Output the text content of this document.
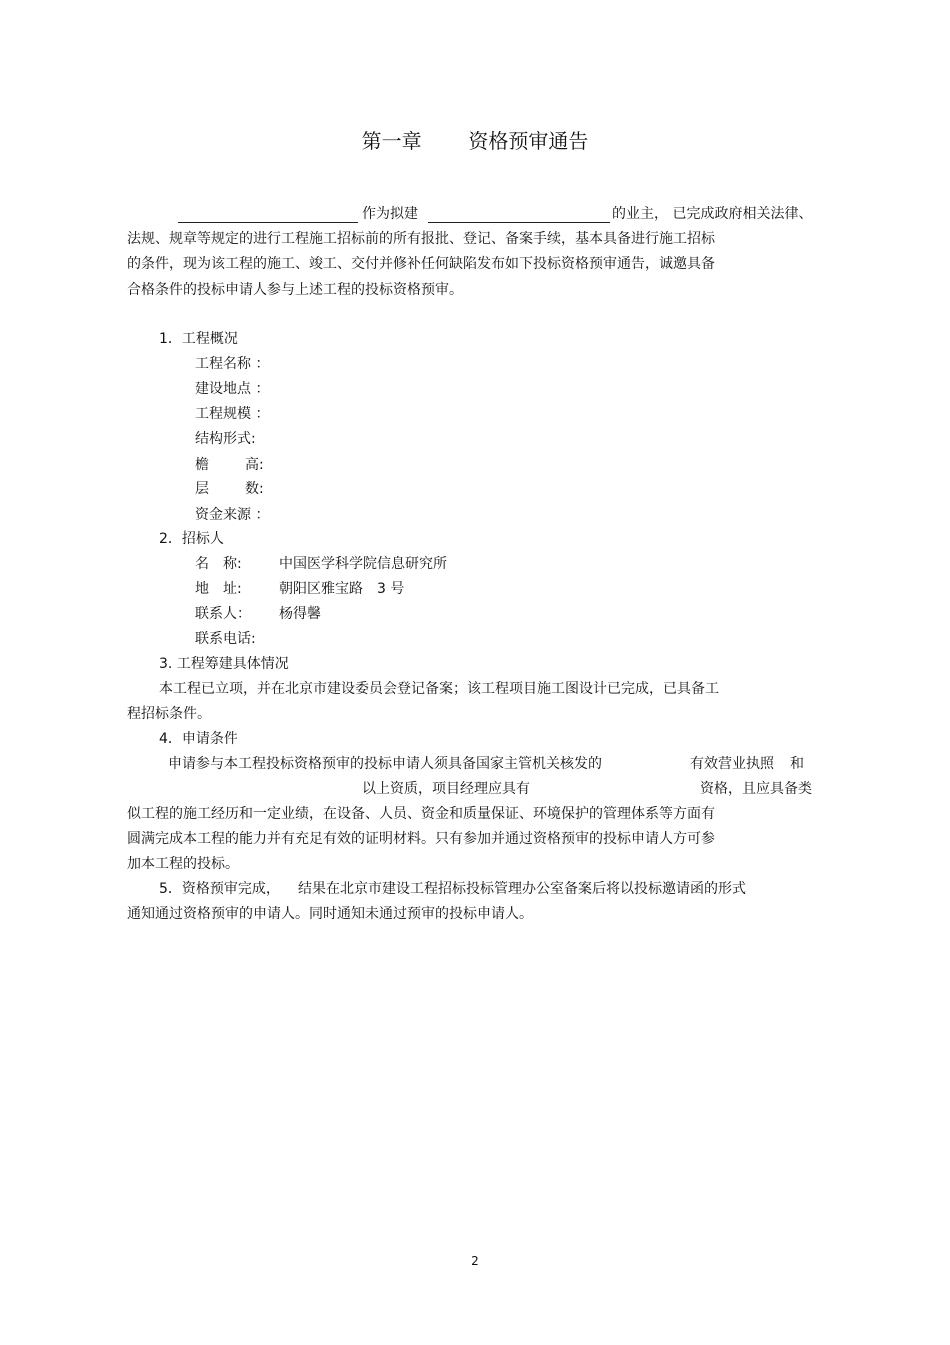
第一章 资格预审通告
作为拟建	的业主， 已完成政府相关法律、
法规、规章等规定的进行工程施工招标前的所有报批、登记、备案手续，基本具备进行施工招标
的条件，现为该工程的施工、竣工、交付并修补任何缺陷发布如下投标资格预审通告，诚邀具备
合格条件的投标申请人参与上述工程的投标资格预审。
1．工程概况
工程名称 ：
建设地点 ：
工程规模 ：
结构形式:
檐	高:
层	数:
资金来源 ：
2．招标人
名　称:	中国医学科学院信息研究所
地　址:	朝阳区雅宝路　3 号
联系人： 杨得馨
联系电话:
3. 工程筹建具体情况
本工程已立项，并在北京市建设委员会登记备案；该工程项目施工图设计已完成，已具备工
程招标条件。
4．申请条件
申请参与本工程投标资格预审的投标申请人须具备国家主管机关核发的	有效营业执照 和
以上资质，项目经理应具有	资格，且应具备类
似工程的施工经历和一定业绩，在设备、人员、资金和质量保证、环境保护的管理体系等方面有
圆满完成本工程的能力并有充足有效的证明材料。只有参加并通过资格预审的投标申请人方可参
加本工程的投标。
5．资格预审完成， 结果在北京市建设工程招标投标管理办公室备案后将以投标邀请函的形式
通知通过资格预审的申请人。同时通知未通过预审的投标申请人。
2
